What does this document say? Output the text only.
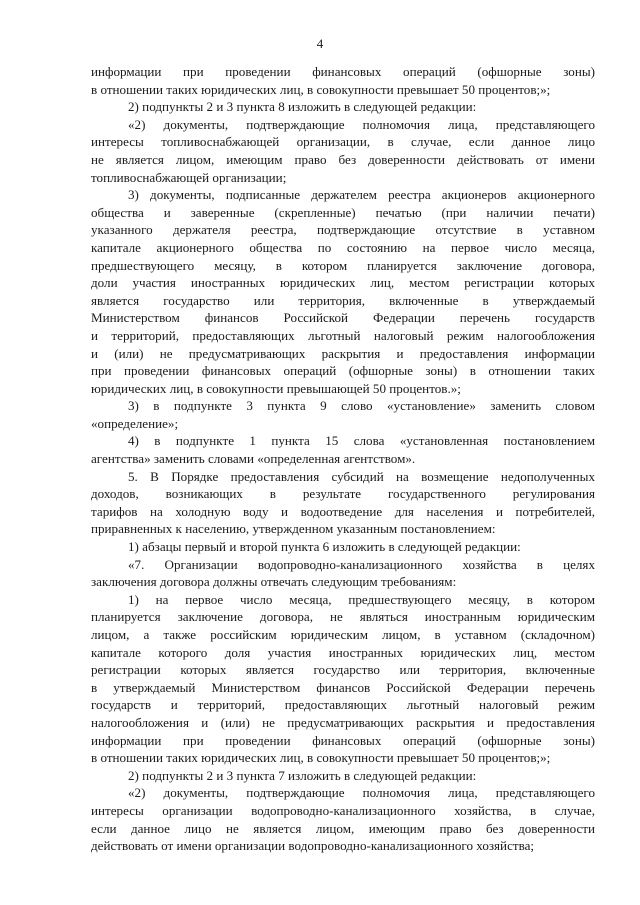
4

информации при проведении финансовых операций (офшорные зоны)

в отношении таких юридических лиц, в совокупности превышает 50 процентов;»;

2) подпункты 2 и 3 пункта 8 изложить в следующей редакции:

«2) документы, подтверждающие полномочия лица, представляющего

интересы топливоснабжающей организации, в случае, если данное лицо

не является лицом, имеющим право без доверенности действовать от имени

топливоснабжающей организации;

3) документы, подписанные держателем реестра акционеров акционерного

общества и заверенные (скрепленные) печатью (при наличии печати)

указанного держателя реестра, подтверждающие отсутствие в уставном

капитале акционерного общества по состоянию на первое число месяца,

предшествующего месяцу, в котором планируется заключение договора,

доли участия иностранных юридических лиц, местом регистрации которых

является государство или территория, включенные в утверждаемый

Министерством финансов Российской Федерации перечень государств

и территорий, предоставляющих льготный налоговый режим налогообложения

и (или) не предусматривающих раскрытия и предоставления информации

при проведении финансовых операций (офшорные зоны) в отношении таких

юридических лиц, в совокупности превышающей 50 процентов.»;

3) в подпункте 3 пункта 9 слово «установление» заменить словом

«определение»;

4) в подпункте 1 пункта 15 слова «установленная постановлением

агентства» заменить словами «определенная агентством».

5. В Порядке предоставления субсидий на возмещение недополученных

доходов, возникающих в результате государственного регулирования

тарифов на холодную воду и водоотведение для населения и потребителей,

приравненных к населению, утвержденном указанным постановлением:

1) абзацы первый и второй пункта 6 изложить в следующей редакции:

«7. Организации водопроводно-канализационного хозяйства в целях

заключения договора должны отвечать следующим требованиям:

1) на первое число месяца, предшествующего месяцу, в котором

планируется заключение договора, не являться иностранным юридическим

лицом, а также российским юридическим лицом, в уставном (складочном)

капитале которого доля участия иностранных юридических лиц, местом

регистрации которых является государство или территория, включенные

в утверждаемый Министерством финансов Российской Федерации перечень

государств и территорий, предоставляющих льготный налоговый режим

налогообложения и (или) не предусматривающих раскрытия и предоставления

информации при проведении финансовых операций (офшорные зоны)

в отношении таких юридических лиц, в совокупности превышает 50 процентов;»;

2) подпункты 2 и 3 пункта 7 изложить в следующей редакции:

«2) документы, подтверждающие полномочия лица, представляющего

интересы организации водопроводно-канализационного хозяйства, в случае,

если данное лицо не является лицом, имеющим право без доверенности

действовать от имени организации водопроводно-канализационного хозяйства;
